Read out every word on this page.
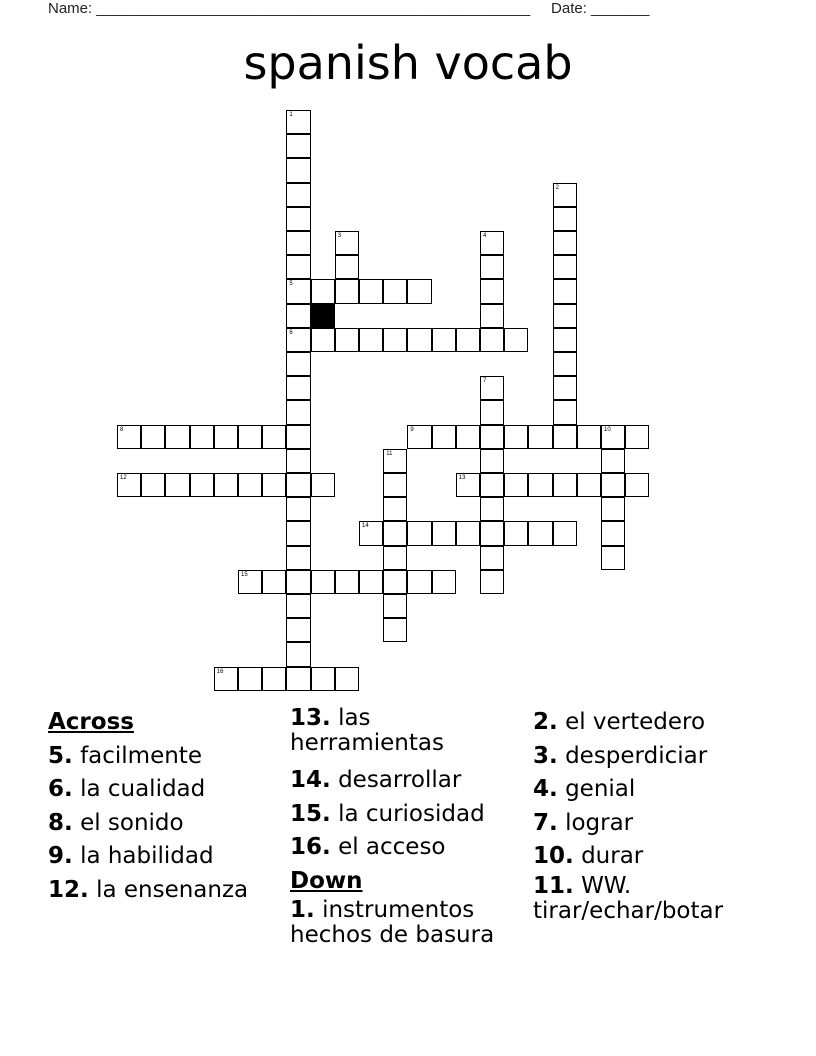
Name: ____________________________________________________ Date: _______
spanish vocab
1
5
6
2
3	4
7
8	9	10
11
12	13
14
15
16
Across
5. facilmente
6. la cualidad
8. el sonido
9. la habilidad
12. la ensenanza
13. las herramientas
14. desarrollar
15. la curiosidad
16. el acceso
Down
1. instrumentos hechos de basura
2. el vertedero
3. desperdiciar
4. genial
7. lograr
10. durar
11. WW. tirar/echar/botar
